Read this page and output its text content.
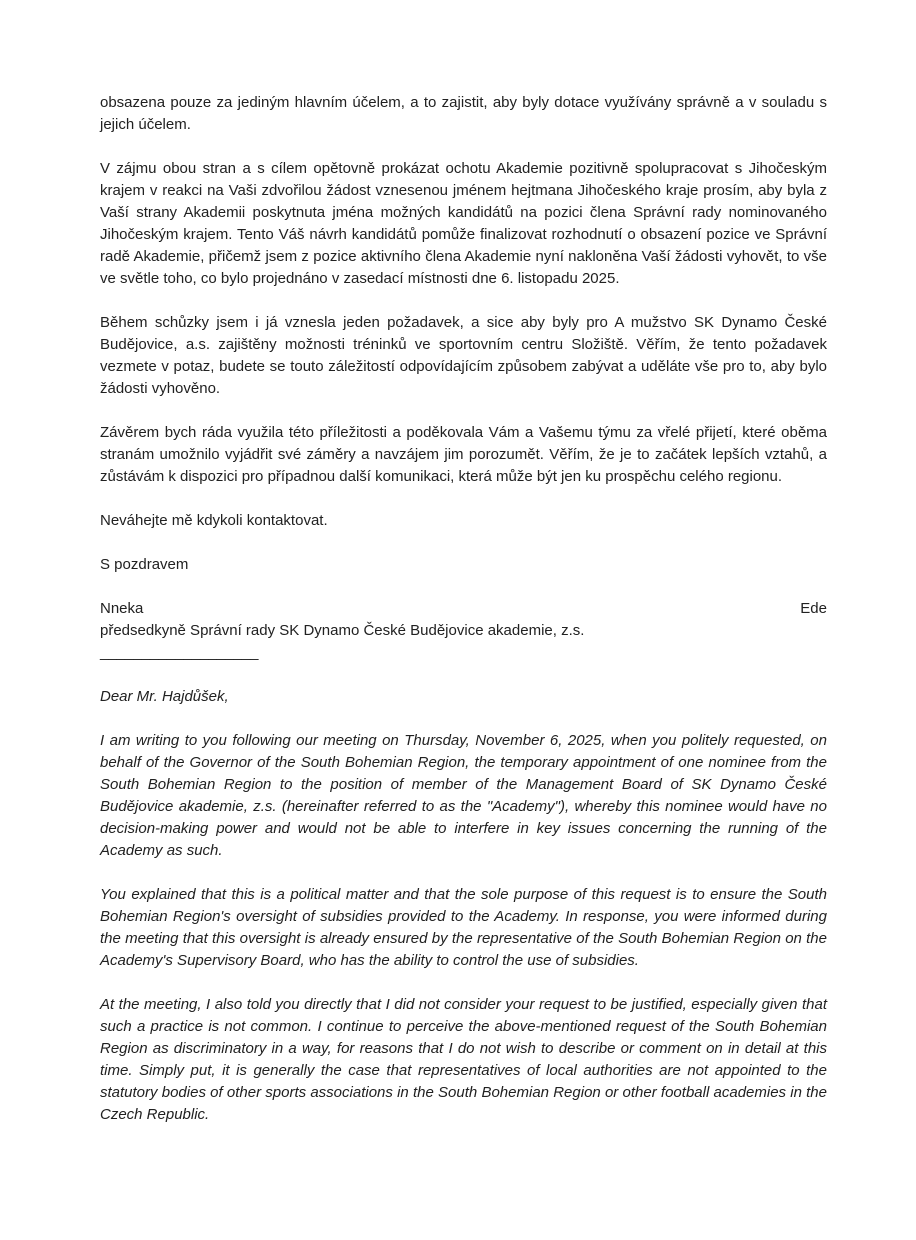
obsazena pouze za jediným hlavním účelem, a to zajistit, aby byly dotace využívány správně a v souladu s jejich účelem.

V zájmu obou stran a s cílem opětovně prokázat ochotu Akademie pozitivně spolupracovat s Jihočeským krajem v reakci na Vaši zdvořilou žádost vznesenou jménem hejtmana Jihočeského kraje prosím, aby byla z Vaší strany Akademii poskytnuta jména možných kandidátů na pozici člena Správní rady nominovaného Jihočeským krajem. Tento Váš návrh kandidátů pomůže finalizovat rozhodnutí o obsazení pozice ve Správní radě Akademie, přičemž jsem z pozice aktivního člena Akademie nyní nakloněna Vaší žádosti vyhovět, to vše ve světle toho, co bylo projednáno v zasedací místnosti dne 6. listopadu 2025.

Během schůzky jsem i já vznesla jeden požadavek, a sice aby byly pro A mužstvo SK Dynamo České Budějovice, a.s. zajištěny možnosti tréninků ve sportovním centru Složiště. Věřím, že tento požadavek vezmete v potaz, budete se touto záležitostí odpovídajícím způsobem zabývat a uděláte vše pro to, aby bylo žádosti vyhověno.

Závěrem bych ráda využila této příležitosti a poděkovala Vám a Vašemu týmu za vřelé přijetí, které oběma stranám umožnilo vyjádřit své záměry a navzájem jim porozumět. Věřím, že je to začátek lepších vztahů, a zůstávám k dispozici pro případnou další komunikaci, která může být jen ku prospěchu celého regionu.

Neváhejte mě kdykoli kontaktovat.

S pozdravem

Nneka	Ede

předsedkyně Správní rady SK Dynamo České Budějovice akademie, z.s.

___________________

Dear Mr. Hajdůšek,

I am writing to you following our meeting on Thursday, November 6, 2025, when you politely requested, on behalf of the Governor of the South Bohemian Region, the temporary appointment of one nominee from the South Bohemian Region to the position of member of the Management Board of SK Dynamo České Budějovice akademie, z.s. (hereinafter referred to as the "Academy"), whereby this nominee would have no decision-making power and would not be able to interfere in key issues concerning the running of the Academy as such.

You explained that this is a political matter and that the sole purpose of this request is to ensure the South Bohemian Region's oversight of subsidies provided to the Academy. In response, you were informed during the meeting that this oversight is already ensured by the representative of the South Bohemian Region on the Academy's Supervisory Board, who has the ability to control the use of subsidies.

At the meeting, I also told you directly that I did not consider your request to be justified, especially given that such a practice is not common. I continue to perceive the above-mentioned request of the South Bohemian Region as discriminatory in a way, for reasons that I do not wish to describe or comment on in detail at this time. Simply put, it is generally the case that representatives of local authorities are not appointed to the statutory bodies of other sports associations in the South Bohemian Region or other football academies in the Czech Republic.
